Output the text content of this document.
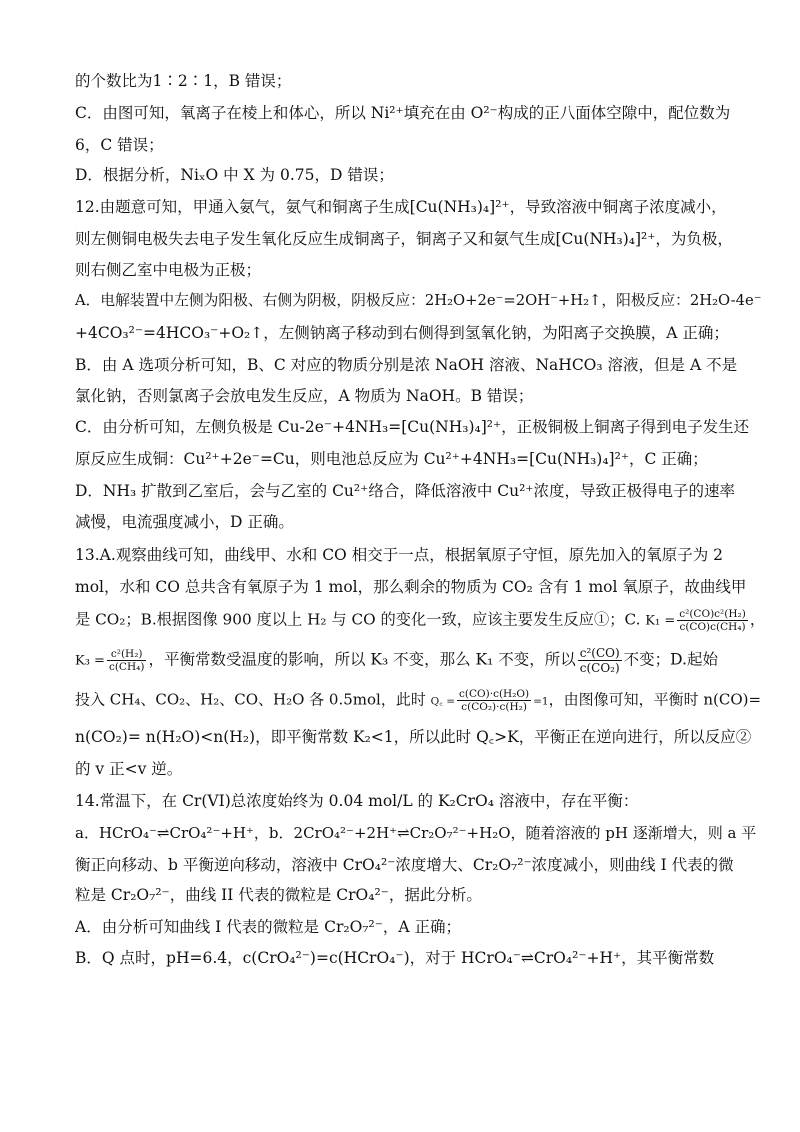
的个数比为1∶2∶1，B 错误；
C．由图可知，氧离子在棱上和体心，所以 Ni²⁺填充在由 O²⁻构成的正八面体空隙中，配位数为
6，C 错误；
D．根据分析，NiₓO 中 X 为 0.75，D 错误；
12.由题意可知，甲通入氨气，氨气和铜离子生成[Cu(NH₃)₄]²⁺，导致溶液中铜离子浓度减小，
则左侧铜电极失去电子发生氧化反应生成铜离子，铜离子又和氨气生成[Cu(NH₃)₄]²⁺，为负极，
则右侧乙室中电极为正极；
A．电解装置中左侧为阳极、右侧为阴极，阴极反应：2H₂O+2e⁻=2OH⁻+H₂↑，阳极反应：2H₂O-4e⁻
+4CO₃²⁻=4HCO₃⁻+O₂↑，左侧钠离子移动到右侧得到氢氧化钠，为阳离子交换膜，A 正确；
B．由 A 选项分析可知，B、C 对应的物质分别是浓 NaOH 溶液、NaHCO₃ 溶液，但是 A 不是
氯化钠，否则氯离子会放电发生反应，A 物质为 NaOH。B 错误；
C．由分析可知，左侧负极是 Cu-2e⁻+4NH₃=[Cu(NH₃)₄]²⁺，正极铜极上铜离子得到电子发生还
原反应生成铜：Cu²⁺+2e⁻=Cu，则电池总反应为 Cu²⁺+4NH₃=[Cu(NH₃)₄]²⁺，C 正确；
D．NH₃ 扩散到乙室后，会与乙室的 Cu²⁺络合，降低溶液中 Cu²⁺浓度，导致正极得电子的速率
减慢，电流强度减小，D 正确。
13.A.观察曲线可知，曲线甲、水和 CO 相交于一点，根据氧原子守恒，原先加入的氧原子为 2
mol，水和 CO 总共含有氧原子为 1 mol，那么剩余的物质为 CO₂ 含有 1 mol 氧原子，故曲线甲
是 CO₂；B.根据图像 900 度以上 H₂ 与 CO 的变化一致，应该主要发生反应①；C. $K_1 = \frac{\text{c²(CO)c²(H₂)}}{\text{c(CO)c(CH₄)}}$ ，
$K_3 = \frac{\text{c²(H₂)}}{\text{c(CH₄)}}$ ，平衡常数受温度的影响，所以 K₃ 不变，那么 K₁ 不变，所以 $\frac{\text{c²(CO)}}{\text{c(CO₂)}}$ 不变；D.起始
投入 CH₄、CO₂、H₂、CO、H₂O 各 0.5mol，此时 Q꜀ = $\frac{\text{c(CO)·c(H₂O)}}{\text{c(CO₂)·c(H₂)}} =1$，由图像可知，平衡时 n(CO)=
n(CO₂)= n(H₂O)<n(H₂)，即平衡常数 K₂<1，所以此时 Q꜀>K，平衡正在逆向进行，所以反应②
的 v 正<v 逆。
14.常温下，在 Cr(VI)总浓度始终为 0.04 mol/L 的 K₂CrO₄ 溶液中，存在平衡：
a．HCrO₄⁻⇌CrO₄²⁻+H⁺，b．2CrO₄²⁻+2H⁺⇌Cr₂O₇²⁻+H₂O，随着溶液的 pH 逐渐增大，则 a 平
衡正向移动、b 平衡逆向移动，溶液中 CrO₄²⁻浓度增大、Cr₂O₇²⁻浓度减小，则曲线 I 代表的微
粒是 Cr₂O₇²⁻，曲线 II 代表的微粒是 CrO₄²⁻，据此分析。
A．由分析可知曲线 I 代表的微粒是 Cr₂O₇²⁻，A 正确；
B．Q 点时，pH=6.4，c(CrO₄²⁻)=c(HCrO₄⁻)，对于 HCrO₄⁻⇌CrO₄²⁻+H⁺，其平衡常数
